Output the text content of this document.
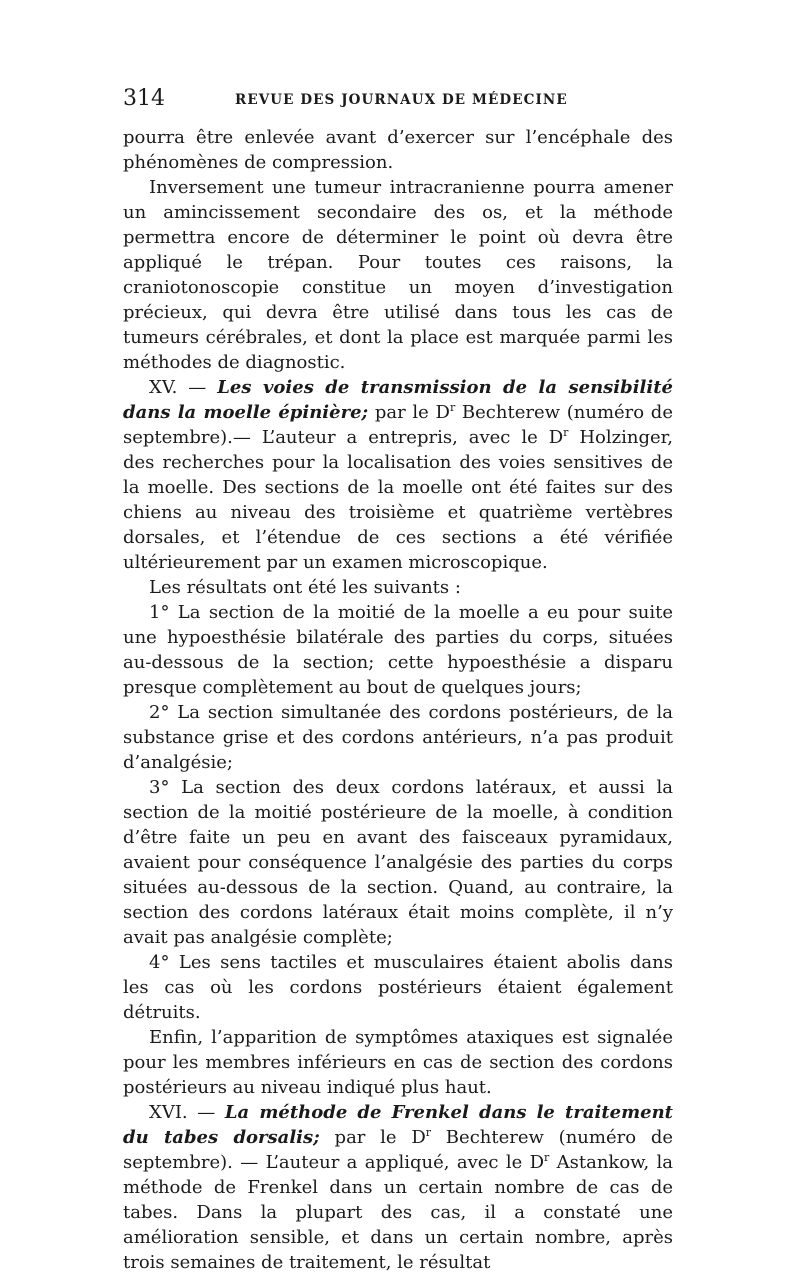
314	REVUE DES JOURNAUX DE MÉDECINE

pourra être enlevée avant d’exercer sur l’encéphale des phénomènes de compression.

Inversement une tumeur intracranienne pourra amener un amincissement secondaire des os, et la méthode permettra encore de déterminer le point où devra être appliqué le trépan. Pour toutes ces raisons, la craniotonoscopie constitue un moyen d’investigation précieux, qui devra être utilisé dans tous les cas de tumeurs cérébrales, et dont la place est marquée parmi les méthodes de diagnostic.

XV. — Les voies de transmission de la sensibilité dans la moelle épinière; par le $D^r$ Bechterew (numéro de septembre).— L’auteur a entrepris, avec le $D^r$ Holzinger, des recherches pour la localisation des voies sensitives de la moelle. Des sections de la moelle ont été faites sur des chiens au niveau des troisième et quatrième vertèbres dorsales, et l’étendue de ces sections a été vérifiée ultérieurement par un examen microscopique.

Les résultats ont été les suivants :

1° La section de la moitié de la moelle a eu pour suite une hypoesthésie bilatérale des parties du corps, situées au-dessous de la section; cette hypoesthésie a disparu presque complètement au bout de quelques jours;

2° La section simultanée des cordons postérieurs, de la substance grise et des cordons antérieurs, n’a pas produit d’analgésie;

3° La section des deux cordons latéraux, et aussi la section de la moitié postérieure de la moelle, à condition d’être faite un peu en avant des faisceaux pyramidaux, avaient pour conséquence l’analgésie des parties du corps situées au-dessous de la section. Quand, au contraire, la section des cordons latéraux était moins complète, il n’y avait pas analgésie complète;

4° Les sens tactiles et musculaires étaient abolis dans les cas où les cordons postérieurs étaient également détruits.

Enfin, l’apparition de symptômes ataxiques est signalée pour les membres inférieurs en cas de section des cordons postérieurs au niveau indiqué plus haut.

XVI. — La méthode de Frenkel dans le traitement du tabes dorsalis; par le $D^r$ Bechterew (numéro de septembre). — L’auteur a appliqué, avec le $D^r$ Astankow, la méthode de Frenkel dans un certain nombre de cas de tabes. Dans la plupart des cas, il a constaté une amélioration sensible, et dans un certain nombre, après trois semaines de traitement, le résultat
